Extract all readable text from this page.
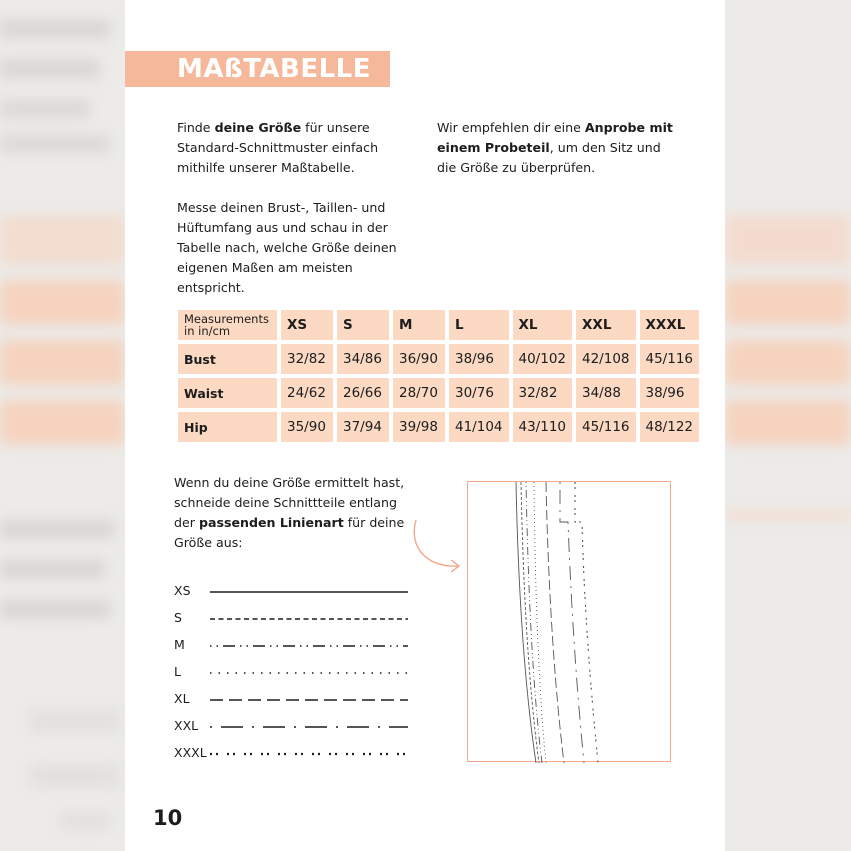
MAßTABELLE
Finde deine Größe für unsere Standard-Schnittmuster einfach mithilfe unserer Maßtabelle.
Messe deinen Brust-, Taillen- und Hüftumfang aus und schau in der Tabelle nach, welche Größe deinen eigenen Maßen am meisten entspricht.
Wir empfehlen dir eine Anprobe mit einem Probeteil, um den Sitz und die Größe zu überprüfen.
Measurements in in/cm	XS	S	M	L	XL	XXL	XXXL
Bust	32/82	34/86	36/90	38/96	40/102	42/108	45/116
Waist	24/62	26/66	28/70	30/76	32/82	34/88	38/96
Hip	35/90	37/94	39/98	41/104	43/110	45/116	48/122
Wenn du deine Größe ermittelt hast, schneide deine Schnittteile entlang der passenden Linienart für deine Größe aus:
XS
S
M
L
XL
XXL
XXXL
10
